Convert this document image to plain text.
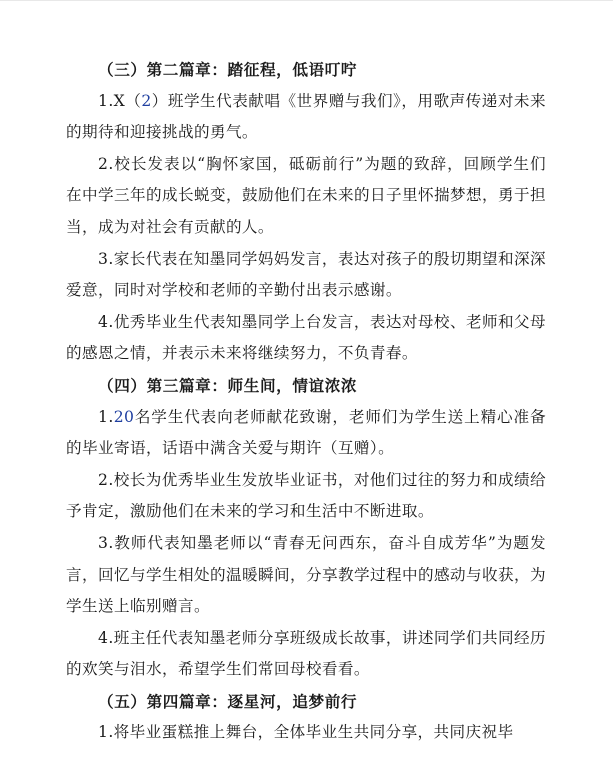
（三）第二篇章：踏征程，低语叮咛
1.X（2）班学生代表献唱《世界赠与我们》，用歌声传递对未来的期待和迎接挑战的勇气。
2.校长发表以“胸怀家国，砥砺前行”为题的致辞，回顾学生们在中学三年的成长蜕变，鼓励他们在未来的日子里怀揣梦想，勇于担当，成为对社会有贡献的人。
3.家长代表在知墨同学妈妈发言，表达对孩子的殷切期望和深深爱意，同时对学校和老师的辛勤付出表示感谢。
4.优秀毕业生代表知墨同学上台发言，表达对母校、老师和父母的感恩之情，并表示未来将继续努力，不负青春。
（四）第三篇章：师生间，情谊浓浓
1.20名学生代表向老师献花致谢，老师们为学生送上精心准备的毕业寄语，话语中满含关爱与期许（互赠）。
2.校长为优秀毕业生发放毕业证书，对他们过往的努力和成绩给予肯定，激励他们在未来的学习和生活中不断进取。
3.教师代表知墨老师以“青春无问西东，奋斗自成芳华”为题发言，回忆与学生相处的温暖瞬间，分享教学过程中的感动与收获，为学生送上临别赠言。
4.班主任代表知墨老师分享班级成长故事，讲述同学们共同经历的欢笑与泪水，希望学生们常回母校看看。
（五）第四篇章：逐星河，追梦前行
1.将毕业蛋糕推上舞台，全体毕业生共同分享，共同庆祝毕
